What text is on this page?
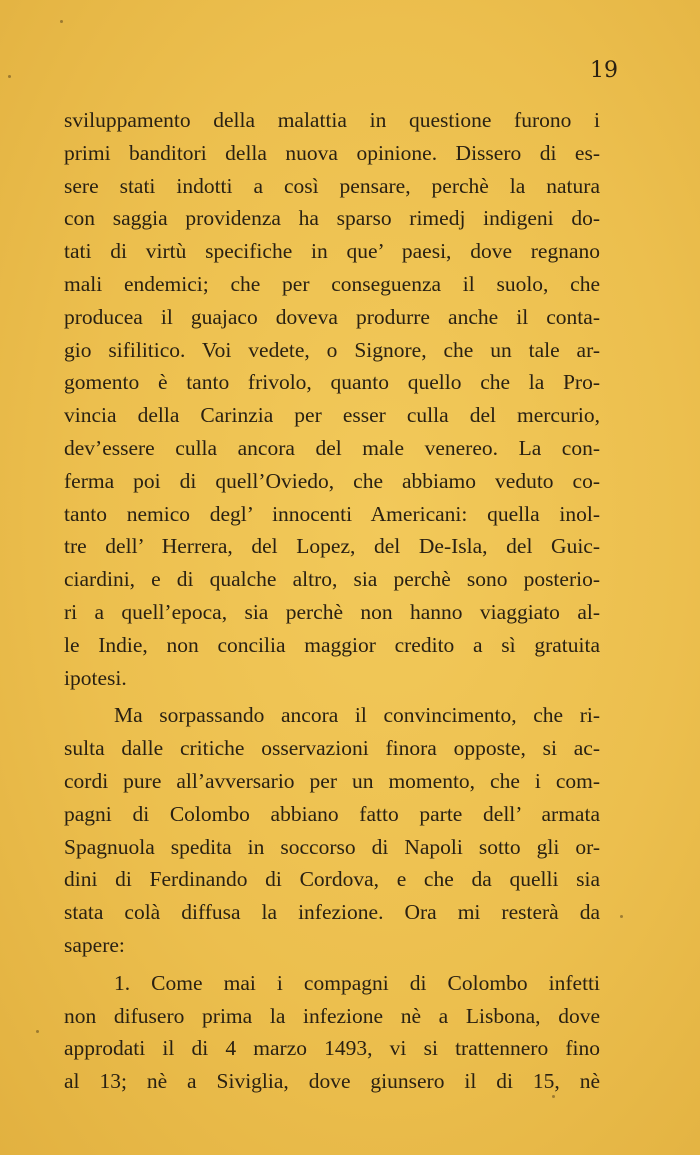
19
sviluppamento della malattia in questione furono i
primi banditori della nuova opinione. Dissero di es-
sere stati indotti a così pensare, perchè la natura
con saggia providenza ha sparso rimedj indigeni do-
tati di virtù specifiche in que’ paesi, dove regnano
mali endemici; che per conseguenza il suolo, che
producea il guajaco doveva produrre anche il conta-
gio sifilitico. Voi vedete, o Signore, che un tale ar-
gomento è tanto frivolo, quanto quello che la Pro-
vincia della Carinzia per esser culla del mercurio,
dev’essere culla ancora del male venereo. La con-
ferma poi di quell’Oviedo, che abbiamo veduto co-
tanto nemico degl’ innocenti Americani: quella inol-
tre dell’ Herrera, del Lopez, del De-Isla, del Guic-
ciardini, e di qualche altro, sia perchè sono posterio-
ri a quell’epoca, sia perchè non hanno viaggiato al-
le Indie, non concilia maggior credito a sì gratuita
ipotesi.
Ma sorpassando ancora il convincimento, che ri-
sulta dalle critiche osservazioni finora opposte, si ac-
cordi pure all’avversario per un momento, che i com-
pagni di Colombo abbiano fatto parte dell’ armata
Spagnuola spedita in soccorso di Napoli sotto gli or-
dini di Ferdinando di Cordova, e che da quelli sia
stata colà diffusa la infezione. Ora mi resterà da
sapere:
1. Come mai i compagni di Colombo infetti
non difusero prima la infezione nè a Lisbona, dove
approdati il di 4 marzo 1493, vi si trattennero fino
al 13; nè a Siviglia, dove giunsero il di 15, nè
